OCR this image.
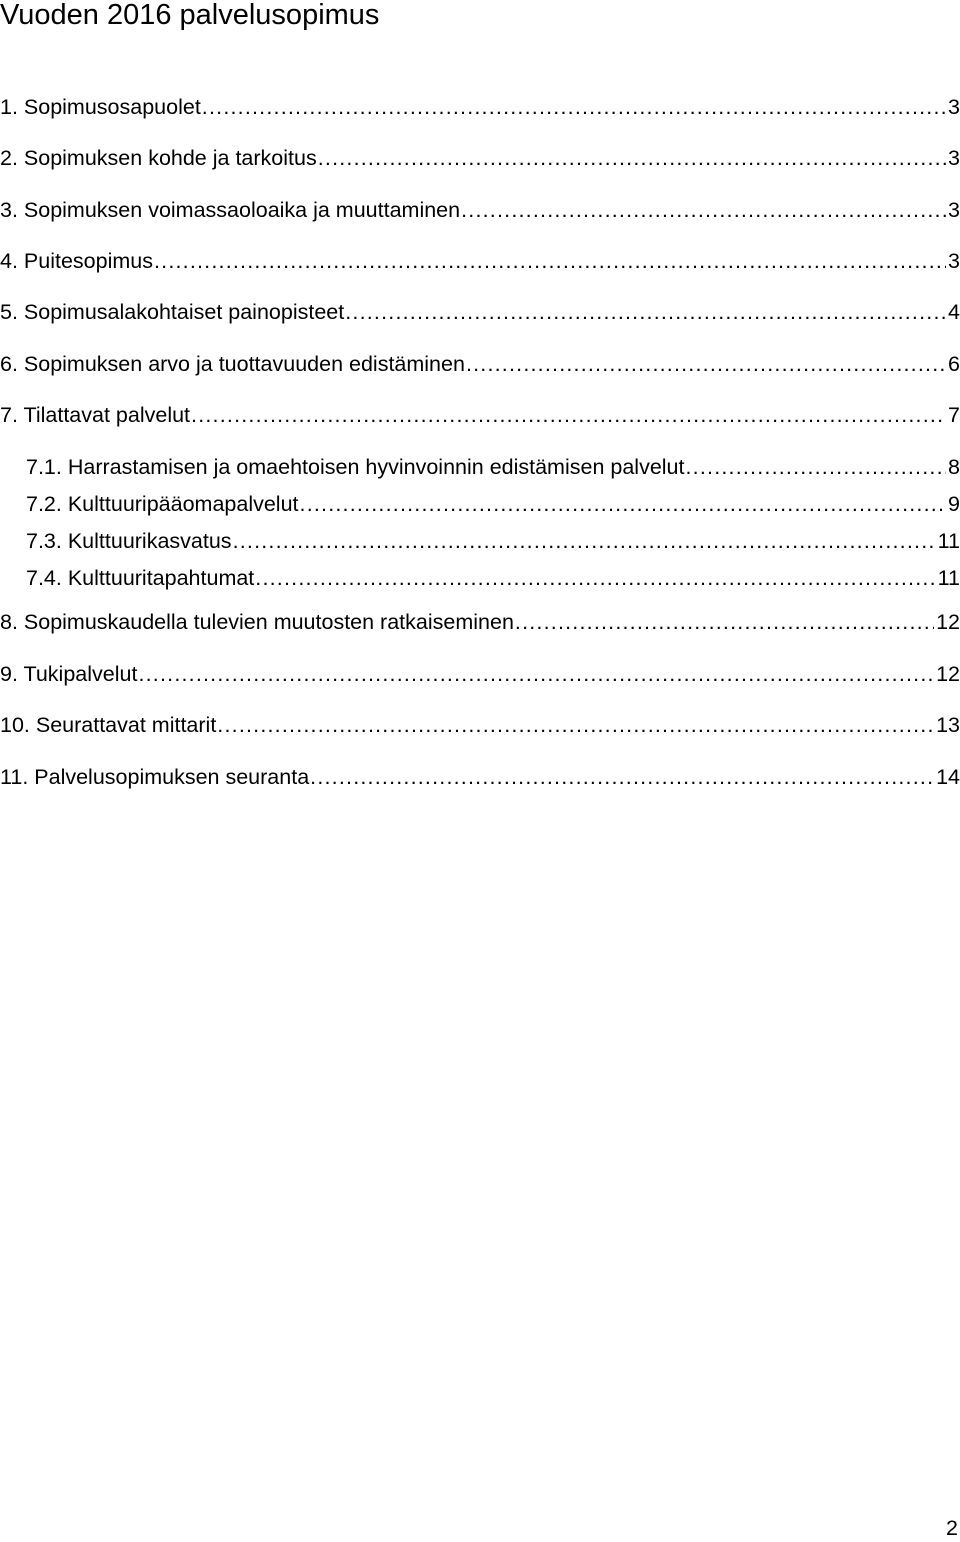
Vuoden 2016 palvelusopimus
1. Sopimusosapuolet .....	3
2. Sopimuksen kohde ja tarkoitus .....	3
3. Sopimuksen voimassaoloaika ja muuttaminen .....	3
4. Puitesopimus .....	3
5. Sopimusalakohtaiset painopisteet .....	4
6. Sopimuksen arvo ja tuottavuuden edistäminen .....	6
7. Tilattavat palvelut .....	7
7.1. Harrastamisen ja omaehtoisen hyvinvoinnin edistämisen palvelut .....	8
7.2. Kulttuuripääomapalvelut .....	9
7.3. Kulttuurikasvatus .....	11
7.4. Kulttuuritapahtumat .....	11
8. Sopimuskaudella tulevien muutosten ratkaiseminen .....	12
9. Tukipalvelut .....	12
10. Seurattavat mittarit .....	13
11. Palvelusopimuksen seuranta .....	14
2
